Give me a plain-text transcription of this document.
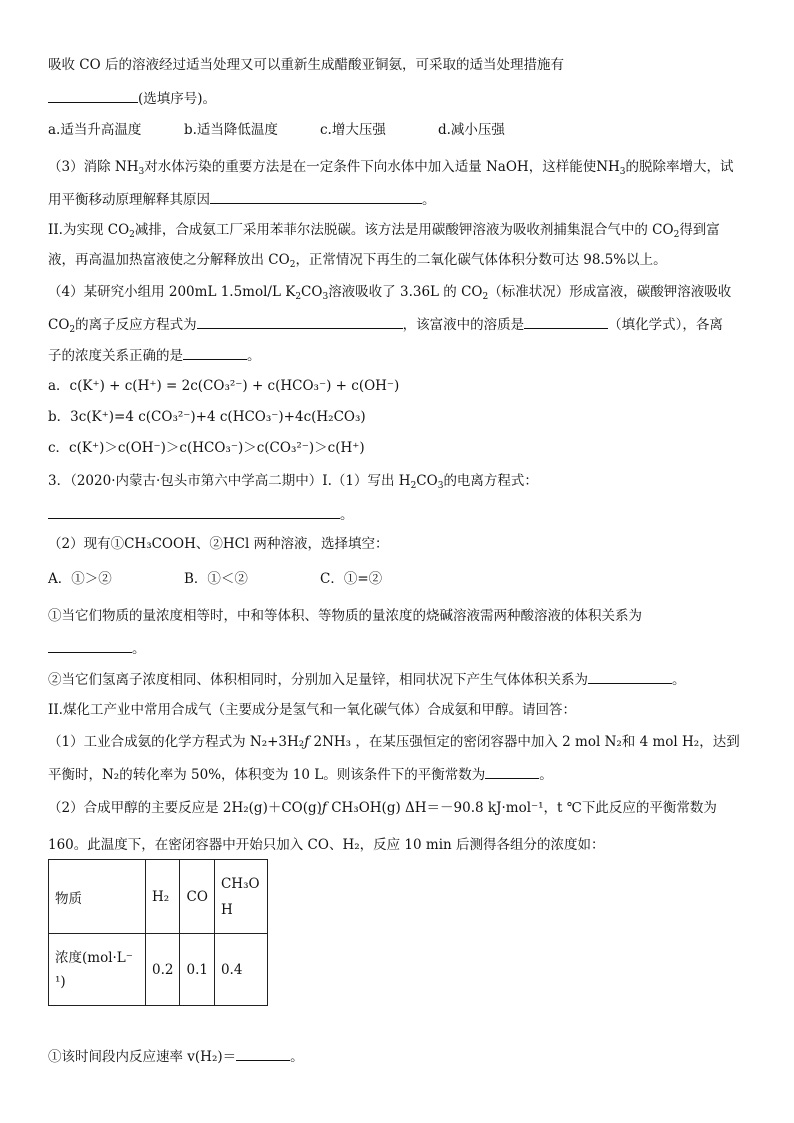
吸收 CO 后的溶液经过适当处理又可以重新生成醋酸亚铜氨，可采取的适当处理措施有
(选填序号)。
a.适当升高温度	b.适当降低温度	c.增大压强	d.减小压强
（3）消除 $NH_3$对水体污染的重要方法是在一定条件下向水体中加入适量 NaOH，这样能使$NH_3$的脱除率增大，试
用平衡移动原理解释其原因	。
II.为实现 $CO_2$减排，合成氨工厂采用苯菲尔法脱碳。该方法是用碳酸钾溶液为吸收剂捕集混合气中的 $CO_2$得到富
液，再高温加热富液使之分解释放出 $CO_2$，正常情况下再生的二氧化碳气体体积分数可达 98.5%以上。
（4）某研究小组用 200mL 1.5mol/L $K_2CO_3$溶液吸收了 3.36L 的 $CO_2$（标准状况）形成富液，碳酸钾溶液吸收
$CO_2$的离子反应方程式为	，该富液中的溶质是	（填化学式），各离
子的浓度关系正确的是	。
a．c(K⁺) + c(H⁺) = 2c(CO₃²⁻) + c(HCO₃⁻) + c(OH⁻)
b．3c(K⁺)=4 c(CO₃²⁻)+4 c(HCO₃⁻)+4c(H₂CO₃)
c．c(K⁺)＞c(OH⁻)＞c(HCO₃⁻)＞c(CO₃²⁻)＞c(H⁺)
3．（2020·内蒙古·包头市第六中学高二期中）I.（1）写出 $H_2CO_3$的电离方程式：
。
（2）现有①CH₃COOH、②HCl 两种溶液，选择填空：
A．①＞②	B．①＜②	C．①=②
①当它们物质的量浓度相等时，中和等体积、等物质的量浓度的烧碱溶液需两种酸溶液的体积关系为
。
②当它们氢离子浓度相同、体积相同时，分别加入足量锌，相同状况下产生气体体积关系为	。
II.煤化工产业中常用合成气（主要成分是氢气和一氧化碳气体）合成氨和甲醇。请回答：
（1）工业合成氨的化学方程式为 N₂+3H₂ƒ 2NH₃ ，在某压强恒定的密闭容器中加入 2 mol N₂和 4 mol H₂，达到
平衡时，N₂的转化率为 50%，体积变为 10 L。则该条件下的平衡常数为	。
（2）合成甲醇的主要反应是 2H₂(g)＋CO(g)ƒ CH₃OH(g) ΔH＝－90.8 kJ·mol⁻¹，t ℃下此反应的平衡常数为
160。此温度下，在密闭容器中开始只加入 CO、H₂，反应 10 min 后测得各组分的浓度如：
物质	H₂	CO	CH₃OH
浓度(mol·L⁻¹)	0.2	0.1	0.4
①该时间段内反应速率 v(H₂)＝	。
